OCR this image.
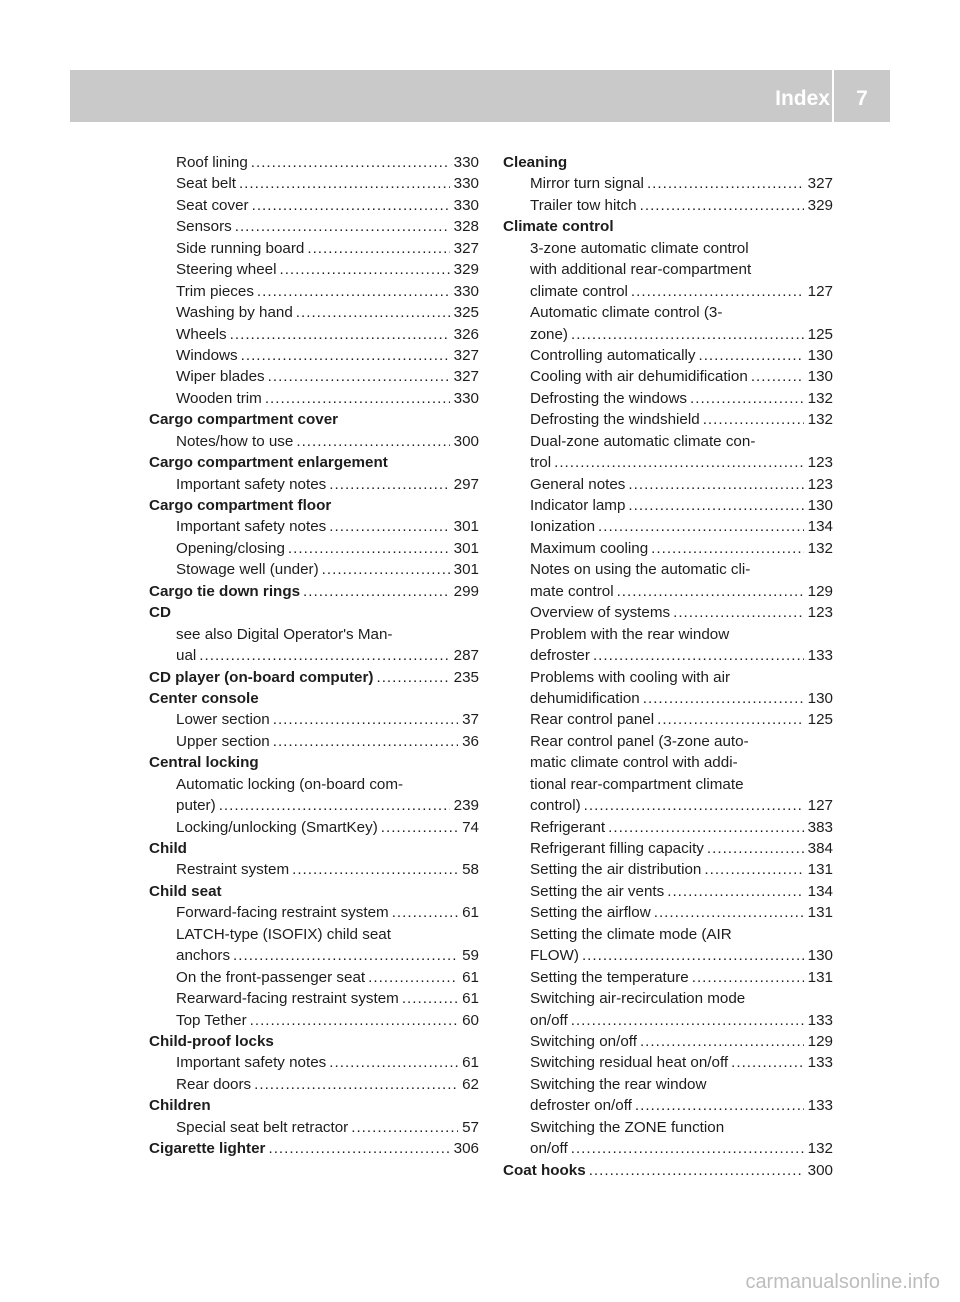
Index	7
Roof lining .....	330
Seat belt .....	330
Seat cover .....	330
Sensors .....	328
Side running board .....	327
Steering wheel .....	329
Trim pieces .....	330
Washing by hand .....	325
Wheels .....	326
Windows .....	327
Wiper blades .....	327
Wooden trim .....	330
Cargo compartment cover
Notes/how to use .....	300
Cargo compartment enlargement
Important safety notes .....	297
Cargo compartment floor
Important safety notes .....	301
Opening/closing .....	301
Stowage well (under) .....	301
Cargo tie down rings .....	299
CD
see also Digital Operator's Man-
ual .....	287
CD player (on-board computer) .....	235
Center console
Lower section .....	37
Upper section .....	36
Central locking
Automatic locking (on-board com-
puter) .....	239
Locking/unlocking (SmartKey) .....	74
Child
Restraint system .....	58
Child seat
Forward-facing restraint system .....	61
LATCH-type (ISOFIX) child seat
anchors .....	59
On the front-passenger seat .....	61
Rearward-facing restraint system .....	61
Top Tether .....	60
Child-proof locks
Important safety notes .....	61
Rear doors .....	62
Children
Special seat belt retractor .....	57
Cigarette lighter .....	306
Cleaning
Mirror turn signal .....	327
Trailer tow hitch .....	329
Climate control
3-zone automatic climate control
with additional rear-compartment
climate control .....	127
Automatic climate control (3-
zone) .....	125
Controlling automatically .....	130
Cooling with air dehumidification .....	130
Defrosting the windows .....	132
Defrosting the windshield .....	132
Dual-zone automatic climate con-
trol .....	123
General notes .....	123
Indicator lamp .....	130
Ionization .....	134
Maximum cooling .....	132
Notes on using the automatic cli-
mate control .....	129
Overview of systems .....	123
Problem with the rear window
defroster .....	133
Problems with cooling with air
dehumidification .....	130
Rear control panel .....	125
Rear control panel (3-zone auto-
matic climate control with addi-
tional rear-compartment climate
control) .....	127
Refrigerant .....	383
Refrigerant filling capacity .....	384
Setting the air distribution .....	131
Setting the air vents .....	134
Setting the airflow .....	131
Setting the climate mode (AIR
FLOW) .....	130
Setting the temperature .....	131
Switching air-recirculation mode
on/off .....	133
Switching on/off .....	129
Switching residual heat on/off .....	133
Switching the rear window
defroster on/off .....	133
Switching the ZONE function
on/off .....	132
Coat hooks .....	300
carmanualsonline.info
